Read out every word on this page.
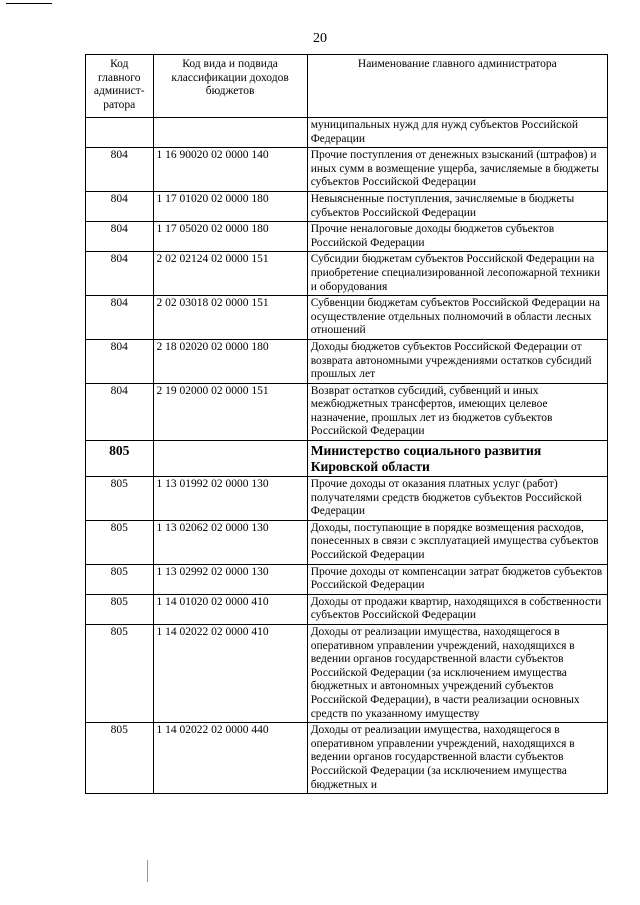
20
Код главного админист-ратора	Код вида и подвида классификации доходов бюджетов	Наименование главного администратора
		муниципальных нужд для нужд субъектов Российской Федерации
804	1 16 90020 02 0000 140	Прочие поступления от денежных взысканий (штрафов) и иных сумм в возмещение ущерба, зачисляемые в бюджеты субъектов Российской Федерации
804	1 17 01020 02 0000 180	Невыясненные поступления, зачисляемые в бюджеты субъектов Российской Федерации
804	1 17 05020 02 0000 180	Прочие неналоговые доходы бюджетов субъектов Российской Федерации
804	2 02 02124 02 0000 151	Субсидии бюджетам субъектов Российской Федерации на приобретение специализированной лесопожарной техники и оборудования
804	2 02 03018 02 0000 151	Субвенции бюджетам субъектов Российской Федерации на осуществление отдельных полномочий в области лесных отношений
804	2 18 02020 02 0000 180	Доходы бюджетов субъектов Российской Федерации от возврата автономными учреждениями остатков субсидий прошлых лет
804	2 19 02000 02 0000 151	Возврат остатков субсидий, субвенций и иных межбюджетных трансфертов, имеющих целевое назначение, прошлых лет из бюджетов субъектов Российской Федерации
805		Министерство социального развития Кировской области
805	1 13 01992 02 0000 130	Прочие доходы от оказания платных услуг (работ) получателями средств бюджетов субъектов Российской Федерации
805	1 13 02062 02 0000 130	Доходы, поступающие в порядке возмещения расходов, понесенных в связи с эксплуатацией имущества субъектов Российской Федерации
805	1 13 02992 02 0000 130	Прочие доходы от компенсации затрат бюджетов субъектов Российской Федерации
805	1 14 01020 02 0000 410	Доходы от продажи квартир, находящихся в собственности субъектов Российской Федерации
805	1 14 02022 02 0000 410	Доходы от реализации имущества, находящегося в оперативном управлении учреждений, находящихся в ведении органов государственной власти субъектов Российской Федерации (за исключением имущества бюджетных и автономных учреждений субъектов Российской Федерации), в части реализации основных средств по указанному имуществу
805	1 14 02022 02 0000 440	Доходы от реализации имущества, находящегося в оперативном управлении учреждений, находящихся в ведении органов государственной власти субъектов Российской Федерации (за исключением имущества бюджетных и
